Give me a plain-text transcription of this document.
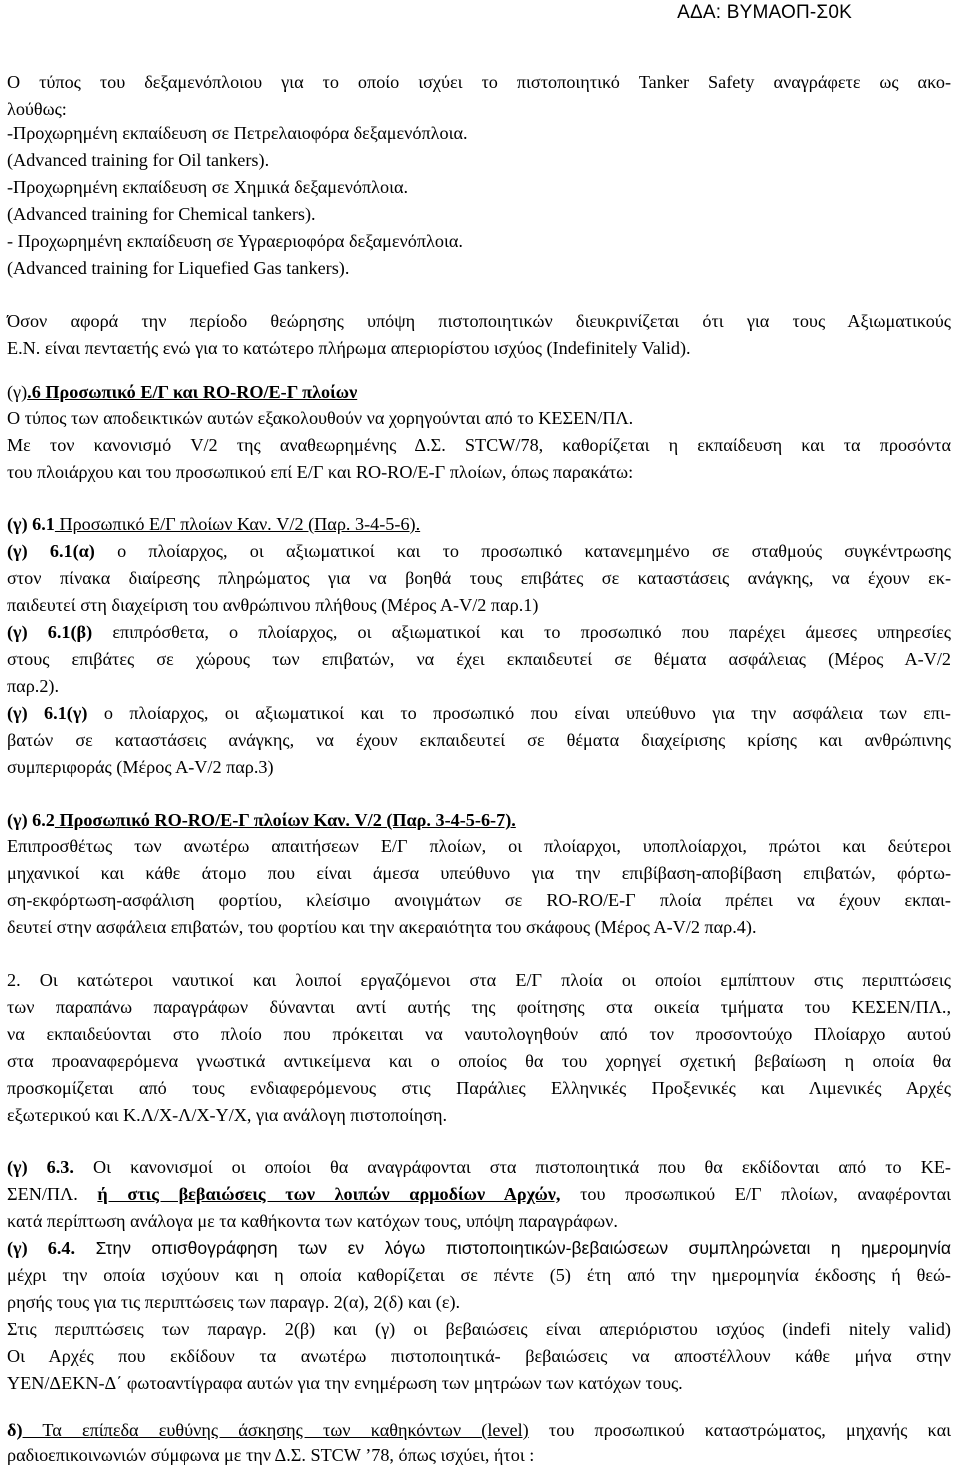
ΑΔΑ: ΒΥΜΑΟΠ-Σ0Κ
Ο τύπος του δεξαμενόπλοιου για το οποίο ισχύει το πιστοποιητικό Tanker Safety αναγράφετε ως ακο-
λούθως:
-Προχωρημένη εκπαίδευση σε Πετρελαιοφόρα δεξαμενόπλοια.
(Advanced training for Oil tankers).
-Προχωρημένη εκπαίδευση σε Χημικά δεξαμενόπλοια.
(Advanced training for Chemical tankers).
- Προχωρημένη εκπαίδευση σε Υγραεριοφόρα δεξαμενόπλοια.
(Advanced training for Liquefied Gas tankers).
Όσον αφορά την περίοδο θεώρησης υπόψη πιστοποιητικών διευκρινίζεται ότι για τους Αξιωματικούς
Ε.Ν. είναι πενταετής ενώ για το κατώτερο πλήρωμα απεριορίστου ισχύος (Indefinitely Valid).
(γ).6 Προσωπικό Ε/Γ και RO-RO/E-Γ πλοίων
Ο τύπος των αποδεικτικών αυτών εξακολουθούν να χορηγούνται από το ΚΕΣΕΝ/ΠΛ.
Με τον κανονισμό V/2 της αναθεωρημένης Δ.Σ. STCW/78, καθορίζεται η εκπαίδευση και τα προσόντα
του πλοιάρχου και του προσωπικού επί Ε/Γ και RO-RO/E-Γ πλοίων, όπως παρακάτω:
(γ) 6.1 Προσωπικό Ε/Γ πλοίων Καν. V/2 (Παρ. 3-4-5-6).
(γ) 6.1(α) ο πλοίαρχος, οι αξιωματικοί και το προσωπικό κατανεμημένο σε σταθμούς συγκέντρωσης
στον πίνακα διαίρεσης πληρώματος για να βοηθά τους επιβάτες σε καταστάσεις ανάγκης, να έχουν εκ-
παιδευτεί στη διαχείριση του ανθρώπινου πλήθους (Μέρος Α-V/2 παρ.1)
(γ) 6.1(β) επιπρόσθετα, ο πλοίαρχος, οι αξιωματικοί και το προσωπικό που παρέχει άμεσες υπηρεσίες
στους επιβάτες σε χώρους των επιβατών, να έχει εκπαιδευτεί σε θέματα ασφάλειας (Μέρος Α-V/2
παρ.2).
(γ) 6.1(γ) ο πλοίαρχος, οι αξιωματικοί και το προσωπικό που είναι υπεύθυνο για την ασφάλεια των επι-
βατών σε καταστάσεις ανάγκης, να έχουν εκπαιδευτεί σε θέματα διαχείρισης κρίσης και ανθρώπινης
συμπεριφοράς (Μέρος Α-V/2 παρ.3)
(γ) 6.2 Προσωπικό RO-RO/Ε-Γ πλοίων Καν. V/2 (Παρ. 3-4-5-6-7).
Επιπροσθέτως των ανωτέρω απαιτήσεων Ε/Γ πλοίων, οι πλοίαρχοι, υποπλοίαρχοι, πρώτοι και δεύτεροι
μηχανικοί και κάθε άτομο που είναι άμεσα υπεύθυνο για την επιβίβαση-αποβίβαση επιβατών, φόρτω-
ση-εκφόρτωση-ασφάλιση φορτίου, κλείσιμο ανοιγμάτων σε RO-RO/E-Γ πλοία πρέπει να έχουν εκπαι-
δευτεί στην ασφάλεια επιβατών, του φορτίου και την ακεραιότητα του σκάφους (Μέρος Α-V/2 παρ.4).
2. Οι κατώτεροι ναυτικοί και λοιποί εργαζόμενοι στα Ε/Γ πλοία οι οποίοι εμπίπτουν στις περιπτώσεις
των παραπάνω παραγράφων δύνανται αντί αυτής της φοίτησης στα οικεία τμήματα του ΚΕΣΕΝ/ΠΛ.,
να εκπαιδεύονται στο πλοίο που πρόκειται να ναυτολογηθούν από τον προσοντούχο Πλοίαρχο αυτού
στα προαναφερόμενα γνωστικά αντικείμενα και ο οποίος θα του χορηγεί σχετική βεβαίωση η οποία θα
προσκομίζεται από τους ενδιαφερόμενους στις Παράλιες Ελληνικές Προξενικές και Λιμενικές Αρχές
εξωτερικού και Κ.Λ/Χ-Λ/Χ-Υ/Χ, για ανάλογη πιστοποίηση.
(γ) 6.3. Οι κανονισμοί οι οποίοι θα αναγράφονται στα πιστοποιητικά που θα εκδίδονται από το ΚΕ-
ΣΕΝ/ΠΛ. ή στις βεβαιώσεις των λοιπών αρμοδίων Αρχών, του προσωπικού Ε/Γ πλοίων, αναφέρονται
κατά περίπτωση ανάλογα με τα καθήκοντα των κατόχων τους, υπόψη παραγράφων.
(γ) 6.4. Στην οπισθογράφηση των εν λόγω πιστοποιητικών-βεβαιώσεων συμπληρώνεται η ημερομηνία
μέχρι την οποία ισχύουν και η οποία καθορίζεται σε πέντε (5) έτη από την ημερομηνία έκδοσης ή θεώ-
ρησής τους για τις περιπτώσεις των παραγρ. 2(α), 2(δ) και (ε).
Στις περιπτώσεις των παραγρ. 2(β) και (γ) οι βεβαιώσεις είναι απεριόριστου ισχύος (indefi nitely valid)
Οι Αρχές που εκδίδουν τα ανωτέρω πιστοποιητικά- βεβαιώσεις να αποστέλλουν κάθε μήνα στην
ΥΕΝ/ΔΕΚΝ-Δ΄ φωτοαντίγραφα αυτών για την ενημέρωση των μητρώων των κατόχων τους.
δ) Τα επίπεδα ευθύνης άσκησης των καθηκόντων (level) του προσωπικού καταστρώματος, μηχανής και
ραδιοεπικοινωνιών σύμφωνα με την Δ.Σ. STCW ’78, όπως ισχύει, ήτοι :
